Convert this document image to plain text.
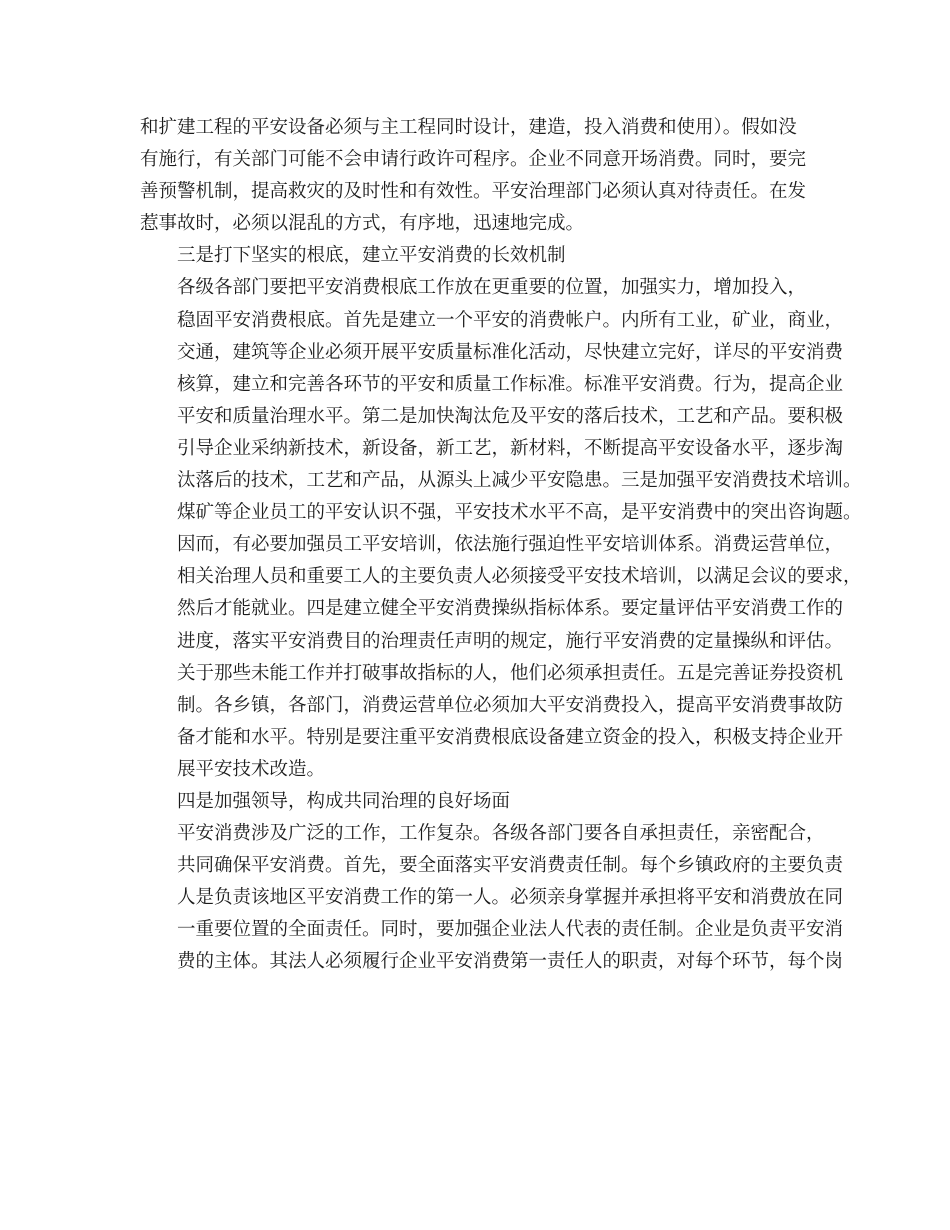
和扩建工程的平安设备必须与主工程同时设计，建造，投入消费和使用）。假如没
有施行，有关部门可能不会申请行政许可程序。企业不同意开场消费。同时，要完
善预警机制，提高救灾的及时性和有效性。平安治理部门必须认真对待责任。在发
惹事故时，必须以混乱的方式，有序地，迅速地完成。

三是打下坚实的根底，建立平安消费的长效机制

各级各部门要把平安消费根底工作放在更重要的位置，加强实力，增加投入，
稳固平安消费根底。首先是建立一个平安的消费帐户。内所有工业，矿业，商业，
交通，建筑等企业必须开展平安质量标准化活动，尽快建立完好，详尽的平安消费
核算，建立和完善各环节的平安和质量工作标准。标准平安消费。行为，提高企业
平安和质量治理水平。第二是加快淘汰危及平安的落后技术，工艺和产品。要积极
引导企业采纳新技术，新设备，新工艺，新材料，不断提高平安设备水平，逐步淘
汰落后的技术，工艺和产品，从源头上减少平安隐患。三是加强平安消费技术培训。
煤矿等企业员工的平安认识不强，平安技术水平不高，是平安消费中的突出咨询题。
因而，有必要加强员工平安培训，依法施行强迫性平安培训体系。消费运营单位，
相关治理人员和重要工人的主要负责人必须接受平安技术培训，以满足会议的要求，
然后才能就业。四是建立健全平安消费操纵指标体系。要定量评估平安消费工作的
进度，落实平安消费目的治理责任声明的规定，施行平安消费的定量操纵和评估。
关于那些未能工作并打破事故指标的人，他们必须承担责任。五是完善证券投资机
制。各乡镇，各部门，消费运营单位必须加大平安消费投入，提高平安消费事故防
备才能和水平。特别是要注重平安消费根底设备建立资金的投入，积极支持企业开
展平安技术改造。

四是加强领导，构成共同治理的良好场面

平安消费涉及广泛的工作，工作复杂。各级各部门要各自承担责任，亲密配合，
共同确保平安消费。首先，要全面落实平安消费责任制。每个乡镇政府的主要负责
人是负责该地区平安消费工作的第一人。必须亲身掌握并承担将平安和消费放在同
一重要位置的全面责任。同时，要加强企业法人代表的责任制。企业是负责平安消
费的主体。其法人必须履行企业平安消费第一责任人的职责，对每个环节，每个岗
